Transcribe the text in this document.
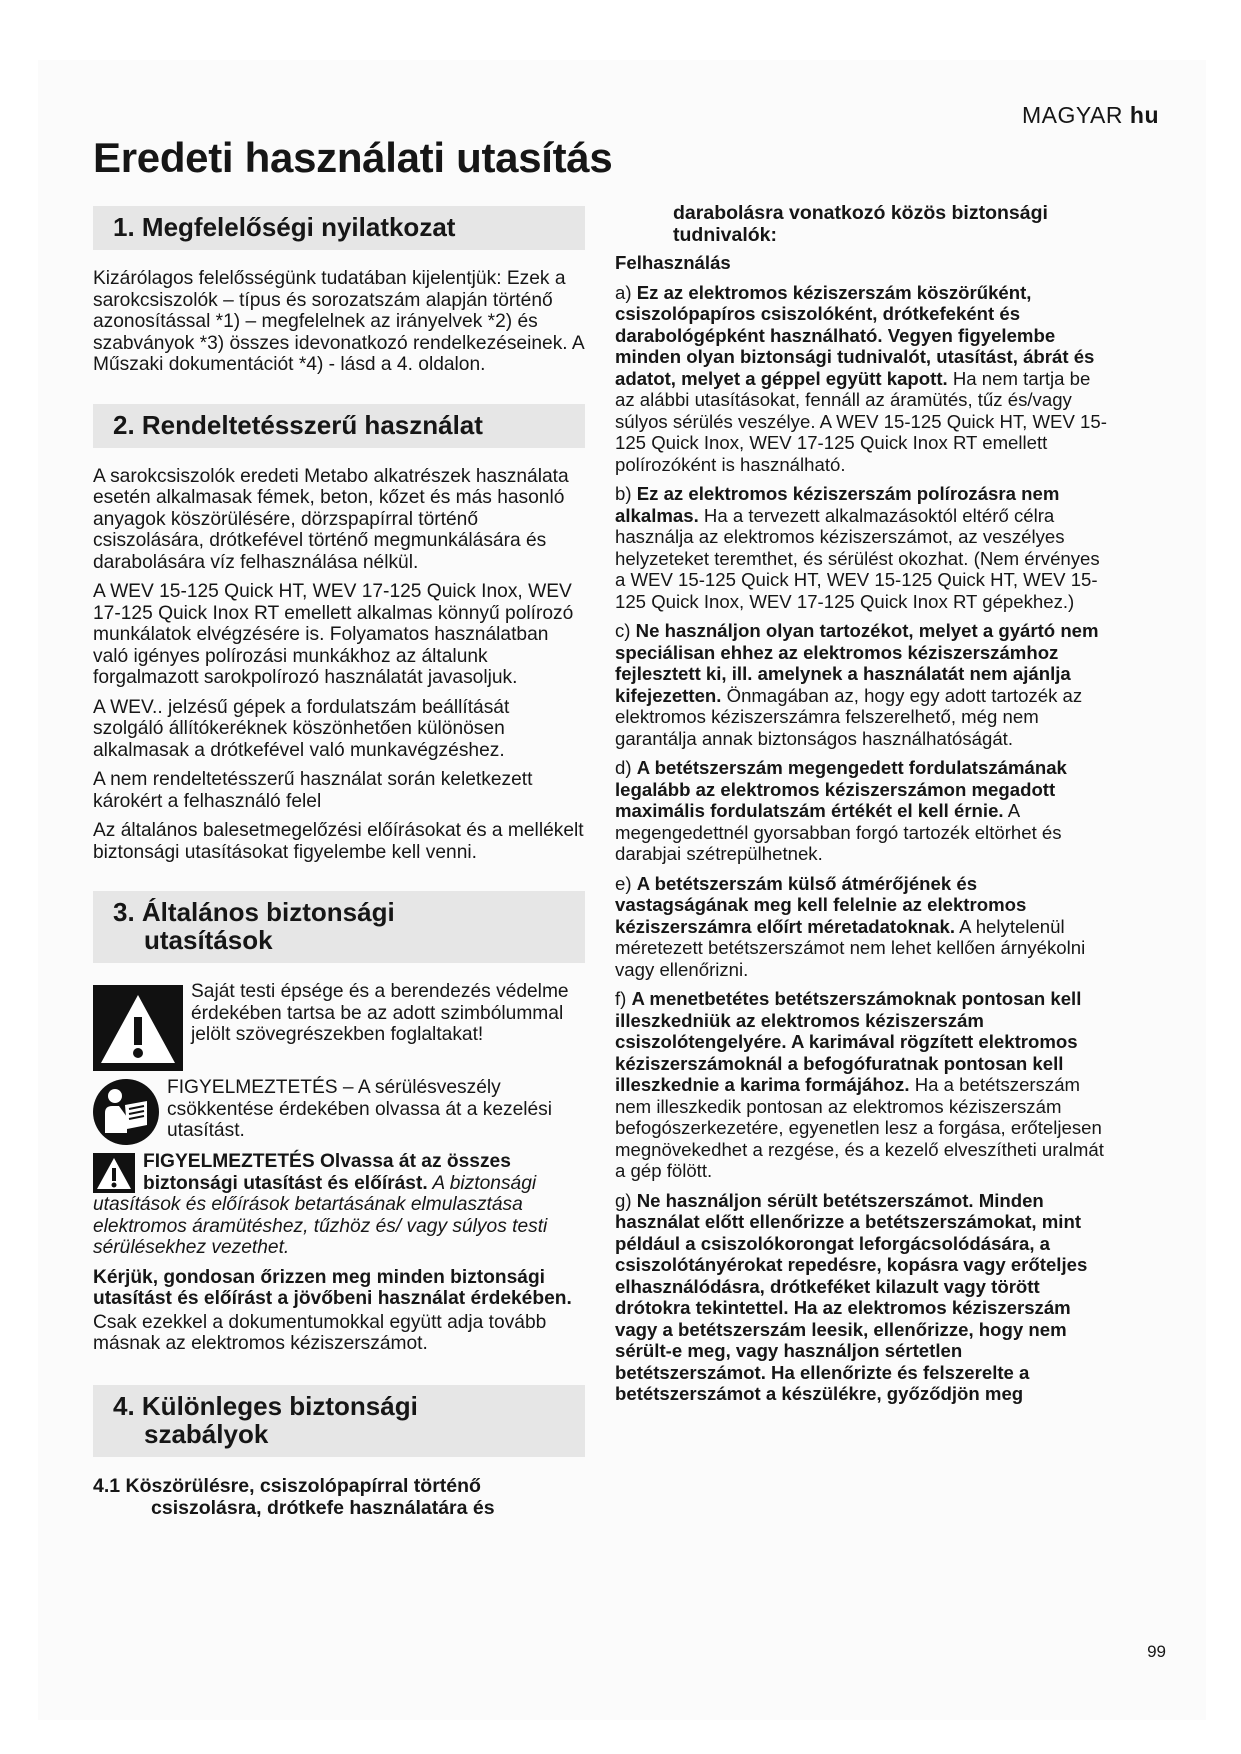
MAGYAR hu
Eredeti használati utasítás
1. Megfelelőségi nyilatkozat

Kizárólagos felelősségünk tudatában kijelentjük: Ezek a sarokcsiszolók – típus és sorozatszám alapján történő azonosítással *1) – megfelelnek az irányelvek *2) és szabványok *3) összes idevonatkozó rendelkezéseinek. A Műszaki dokumentációt *4) - lásd a 4. oldalon.

2. Rendeltetésszerű használat

A sarokcsiszolók eredeti Metabo alkatrészek használata esetén alkalmasak fémek, beton, kőzet és más hasonló anyagok köszörülésére, dörzspapírral történő csiszolására, drótkefével történő megmunkálására és darabolására víz felhasználása nélkül.

A WEV 15-125 Quick HT, WEV 17-125 Quick Inox, WEV 17-125 Quick Inox RT emellett alkalmas könnyű polírozó munkálatok elvégzésére is. Folyamatos használatban való igényes polírozási munkákhoz az általunk forgalmazott sarokpolírozó használatát javasoljuk.

A WEV.. jelzésű gépek a fordulatszám beállítását szolgáló állítókeréknek köszönhetően különösen alkalmasak a drótkefével való munkavégzéshez.

A nem rendeltetésszerű használat során keletkezett károkért a felhasználó felel

Az általános balesetmegelőzési előírásokat és a mellékelt biztonsági utasításokat figyelembe kell venni.

3. Általános biztonsági
utasítások
Saját testi épsége és a berendezés védelme érdekében tartsa be az adott szimbólummal jelölt szövegrészekben foglaltakat!
FIGYELMEZTETÉS – A sérülésveszély csökkentése érdekében olvassa át a kezelési utasítást.
FIGYELMEZTETÉS Olvassa át az összes biztonsági utasítást és előírást. A biztonsági utasítások és előírások betartásának elmulasztása elektromos áramütéshez, tűzhöz és/ vagy súlyos testi sérülésekhez vezethet.

Kérjük, gondosan őrizzen meg minden biztonsági utasítást és előírást a jövőbeni használat érdekében.

Csak ezekkel a dokumentumokkal együtt adja tovább másnak az elektromos kéziszerszámot.

4. Különleges biztonsági
szabályok
4.1 Köszörülésre, csiszolópapírral történő
csiszolásra, drótkefe használatára és
darabolásra vonatkozó közös biztonsági tudnivalók:

Felhasználás

a) Ez az elektromos kéziszerszám köszörűként, csiszolópapíros csiszolóként, drótkefeként és darabológépként használható. Vegyen figyelembe minden olyan biztonsági tudnivalót, utasítást, ábrát és adatot, melyet a géppel együtt kapott. Ha nem tartja be az alábbi utasításokat, fennáll az áramütés, tűz és/vagy súlyos sérülés veszélye. A WEV 15-125 Quick HT, WEV 15-125 Quick Inox, WEV 17-125 Quick Inox RT emellett polírozóként is használható.

b) Ez az elektromos kéziszerszám polírozásra nem alkalmas. Ha a tervezett alkalmazásoktól eltérő célra használja az elektromos kéziszerszámot, az veszélyes helyzeteket teremthet, és sérülést okozhat. (Nem érvényes a WEV 15-125 Quick HT, WEV 15-125 Quick HT, WEV 15-125 Quick Inox, WEV 17-125 Quick Inox RT gépekhez.)

c) Ne használjon olyan tartozékot, melyet a gyártó nem speciálisan ehhez az elektromos kéziszerszámhoz fejlesztett ki, ill. amelynek a használatát nem ajánlja kifejezetten. Önmagában az, hogy egy adott tartozék az elektromos kéziszerszámra felszerelhető, még nem garantálja annak biztonságos használhatóságát.

d) A betétszerszám megengedett fordulatszámának legalább az elektromos kéziszerszámon megadott maximális fordulatszám értékét el kell érnie. A megengedettnél gyorsabban forgó tartozék eltörhet és darabjai szétrepülhetnek.

e) A betétszerszám külső átmérőjének és vastagságának meg kell felelnie az elektromos kéziszerszámra előírt méretadatoknak. A helytelenül méretezett betétszerszámot nem lehet kellően árnyékolni vagy ellenőrizni.

f) A menetbetétes betétszerszámoknak pontosan kell illeszkedniük az elektromos kéziszerszám csiszolótengelyére. A karimával rögzített elektromos kéziszerszámoknál a befogófuratnak pontosan kell illeszkednie a karima formájához. Ha a betétszerszám nem illeszkedik pontosan az elektromos kéziszerszám befogószerkezetére, egyenetlen lesz a forgása, erőteljesen megnövekedhet a rezgése, és a kezelő elveszítheti uralmát a gép fölött.

g) Ne használjon sérült betétszerszámot. Minden használat előtt ellenőrizze a betétszerszámokat, mint például a csiszolókorongat leforgácsolódására, a csiszolótányérokat repedésre, kopásra vagy erőteljes elhasználódásra, drótkeféket kilazult vagy törött drótokra tekintettel. Ha az elektromos kéziszerszám vagy a betétszerszám leesik, ellenőrizze, hogy nem sérült-e meg, vagy használjon sértetlen betétszerszámot. Ha ellenőrizte és felszerelte a betétszerszámot a készülékre, győződjön meg

99
